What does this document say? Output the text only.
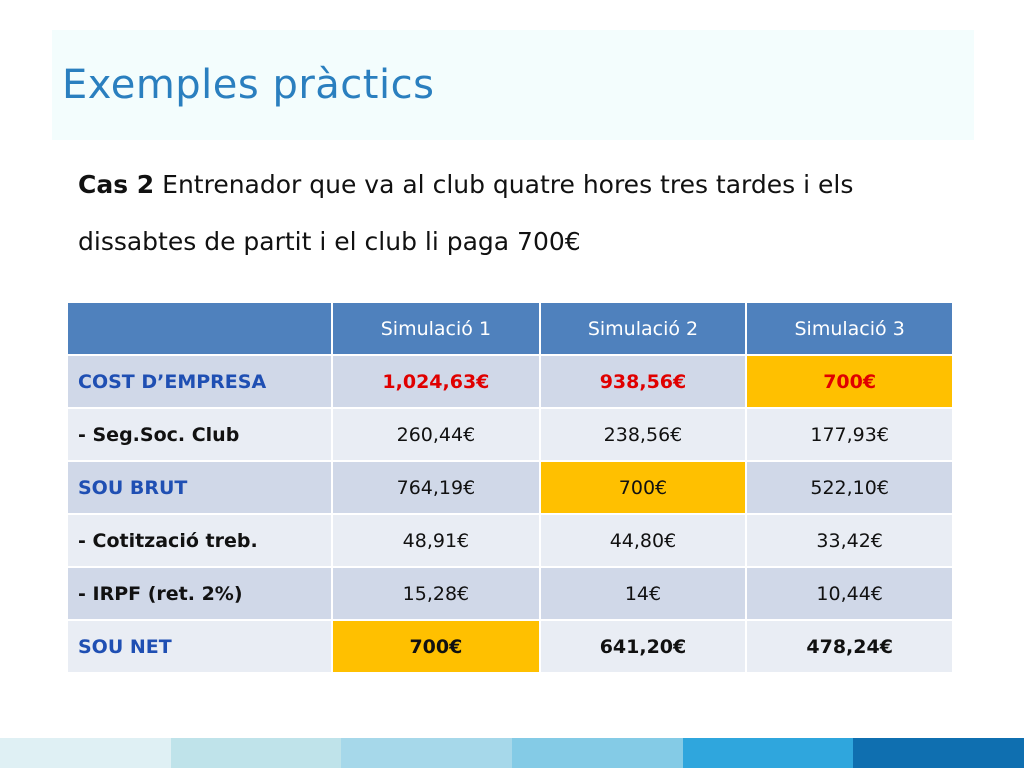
Exemples pràctics
Cas 2 Entrenador que va al club quatre hores tres tardes i els dissabtes de partit i el club li paga 700€
	Simulació 1	Simulació 2	Simulació 3
COST D’EMPRESA	1,024,63€	938,56€	700€
- Seg.Soc. Club	260,44€	238,56€	177,93€
SOU BRUT	764,19€	700€	522,10€
- Cotització treb.	48,91€	44,80€	33,42€
- IRPF (ret. 2%)	15,28€	14€	10,44€
SOU NET	700€	641,20€	478,24€
